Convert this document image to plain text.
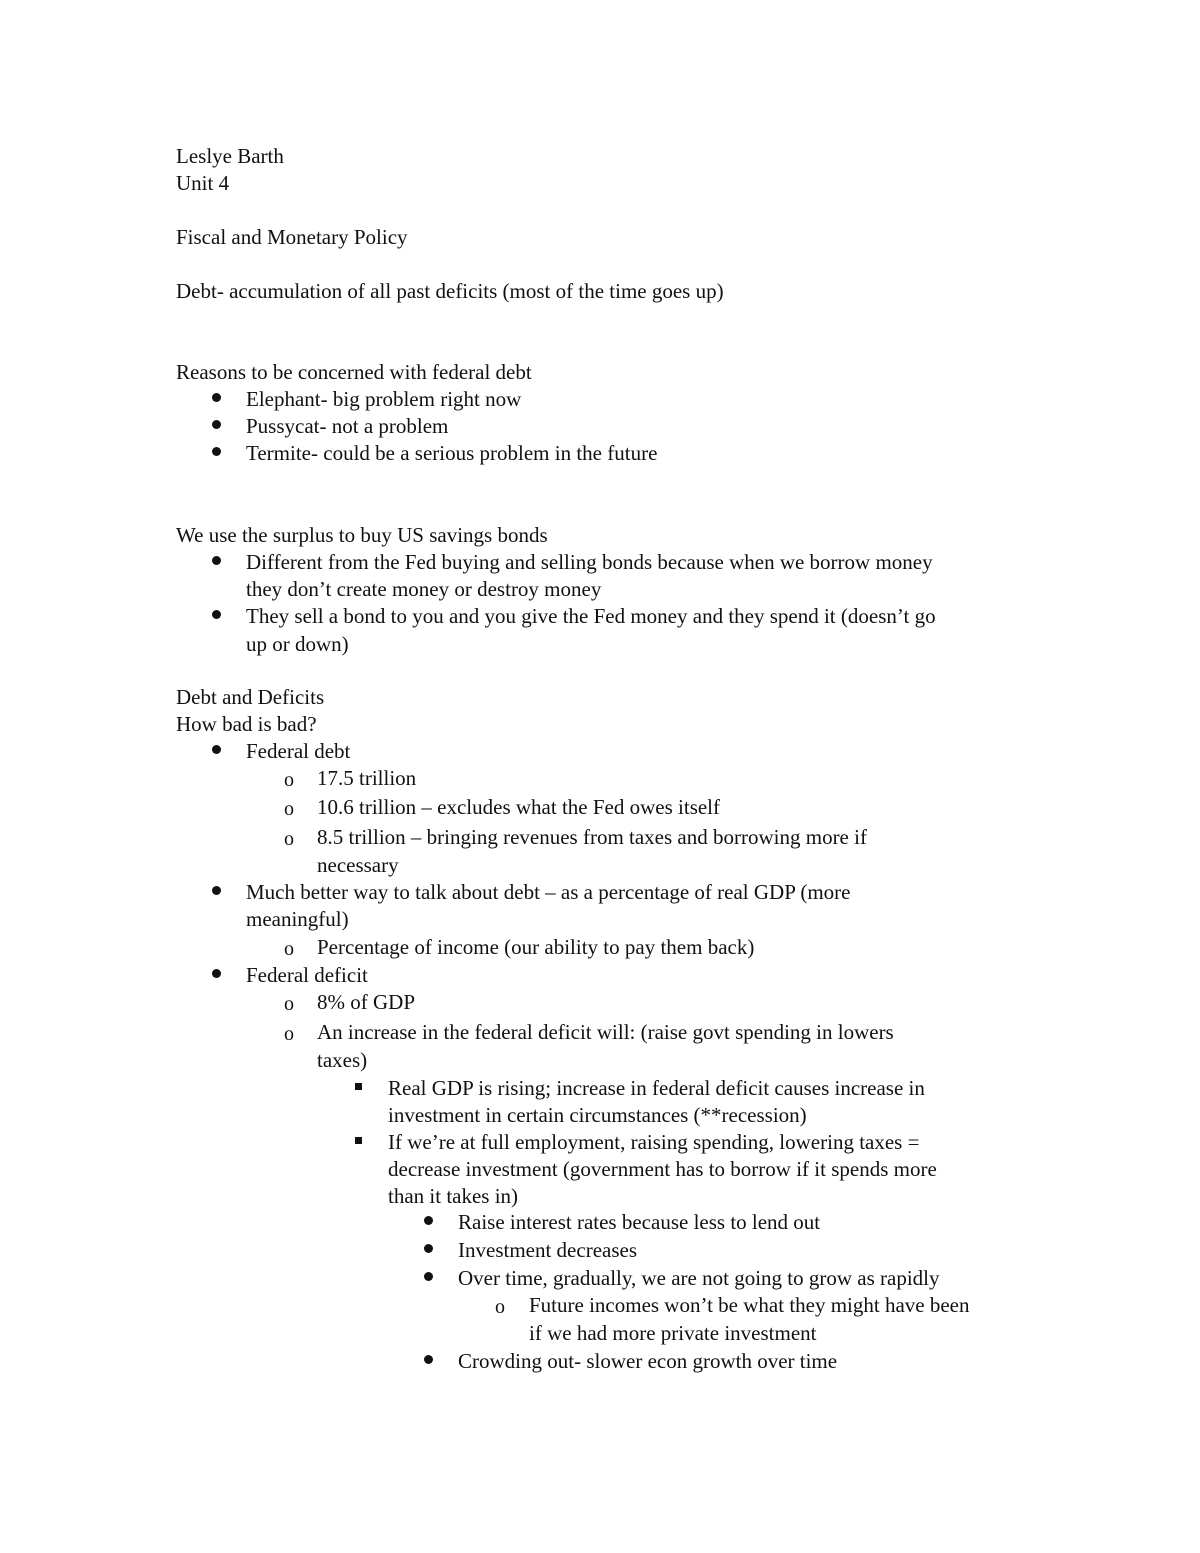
Leslye Barth
Unit 4
Fiscal and Monetary Policy
Debt- accumulation of all past deficits (most of the time goes up)
Reasons to be concerned with federal debt
Elephant- big problem right now
Pussycat- not a problem
Termite- could be a serious problem in the future
We use the surplus to buy US savings bonds
Different from the Fed buying and selling bonds because when we borrow money
they don’t create money or destroy money
They sell a bond to you and you give the Fed money and they spend it (doesn’t go
up or down)
Debt and Deficits
How bad is bad?
Federal debt
o 17.5 trillion
o 10.6 trillion – excludes what the Fed owes itself
o 8.5 trillion – bringing revenues from taxes and borrowing more if
necessary
Much better way to talk about debt – as a percentage of real GDP (more
meaningful)
o Percentage of income (our ability to pay them back)
Federal deficit
o 8% of GDP
o An increase in the federal deficit will: (raise govt spending in lowers
taxes)
Real GDP is rising; increase in federal deficit causes increase in
investment in certain circumstances (**recession)
If we’re at full employment, raising spending, lowering taxes =
decrease investment (government has to borrow if it spends more
than it takes in)
Raise interest rates because less to lend out
Investment decreases
Over time, gradually, we are not going to grow as rapidly
o Future incomes won’t be what they might have been
if we had more private investment
Crowding out- slower econ growth over time
